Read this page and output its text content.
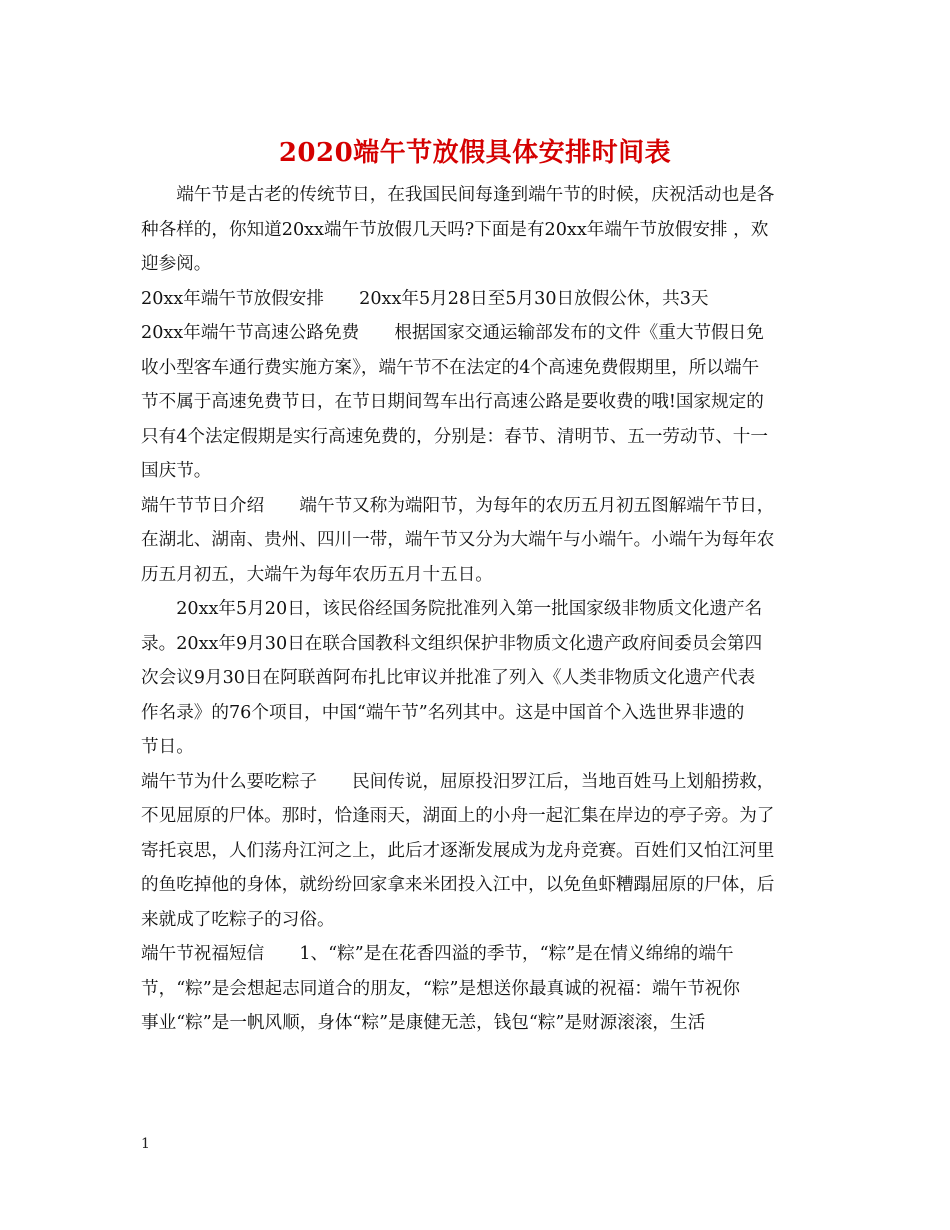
2020端午节放假具体安排时间表
　　端午节是古老的传统节日，在我国民间每逢到端午节的时候，庆祝活动也是各
种各样的，你知道20xx端午节放假几天吗?下面是有20xx年端午节放假安排 ，欢
迎参阅。
20xx年端午节放假安排　　20xx年5月28日至5月30日放假公休，共3天
20xx年端午节高速公路免费　　根据国家交通运输部发布的文件《重大节假日免
收小型客车通行费实施方案》，端午节不在法定的4个高速免费假期里，所以端午
节不属于高速免费节日，在节日期间驾车出行高速公路是要收费的哦!国家规定的
只有4个法定假期是实行高速免费的，分别是：春节、清明节、五一劳动节、十一
国庆节。
端午节节日介绍　　端午节又称为端阳节，为每年的农历五月初五图解端午节日，
在湖北、湖南、贵州、四川一带，端午节又分为大端午与小端午。小端午为每年农
历五月初五，大端午为每年农历五月十五日。
　　20xx年5月20日，该民俗经国务院批准列入第一批国家级非物质文化遗产名
录。20xx年9月30日在联合国教科文组织保护非物质文化遗产政府间委员会第四
次会议9月30日在阿联酋阿布扎比审议并批准了列入《人类非物质文化遗产代表
作名录》的76个项目，中国“端午节”名列其中。这是中国首个入选世界非遗的
节日。
端午节为什么要吃粽子　　民间传说，屈原投汨罗江后，当地百姓马上划船捞救，
不见屈原的尸体。那时，恰逢雨天，湖面上的小舟一起汇集在岸边的亭子旁。为了
寄托哀思，人们荡舟江河之上，此后才逐渐发展成为龙舟竞赛。百姓们又怕江河里
的鱼吃掉他的身体，就纷纷回家拿来米团投入江中，以免鱼虾糟蹋屈原的尸体，后
来就成了吃粽子的习俗。
端午节祝福短信　　1、“粽”是在花香四溢的季节，“粽”是在情义绵绵的端午
节，“粽”是会想起志同道合的朋友，“粽”是想送你最真诚的祝福：端午节祝你
事业“粽”是一帆风顺，身体“粽”是康健无恙，钱包“粽”是财源滚滚，生活
1
